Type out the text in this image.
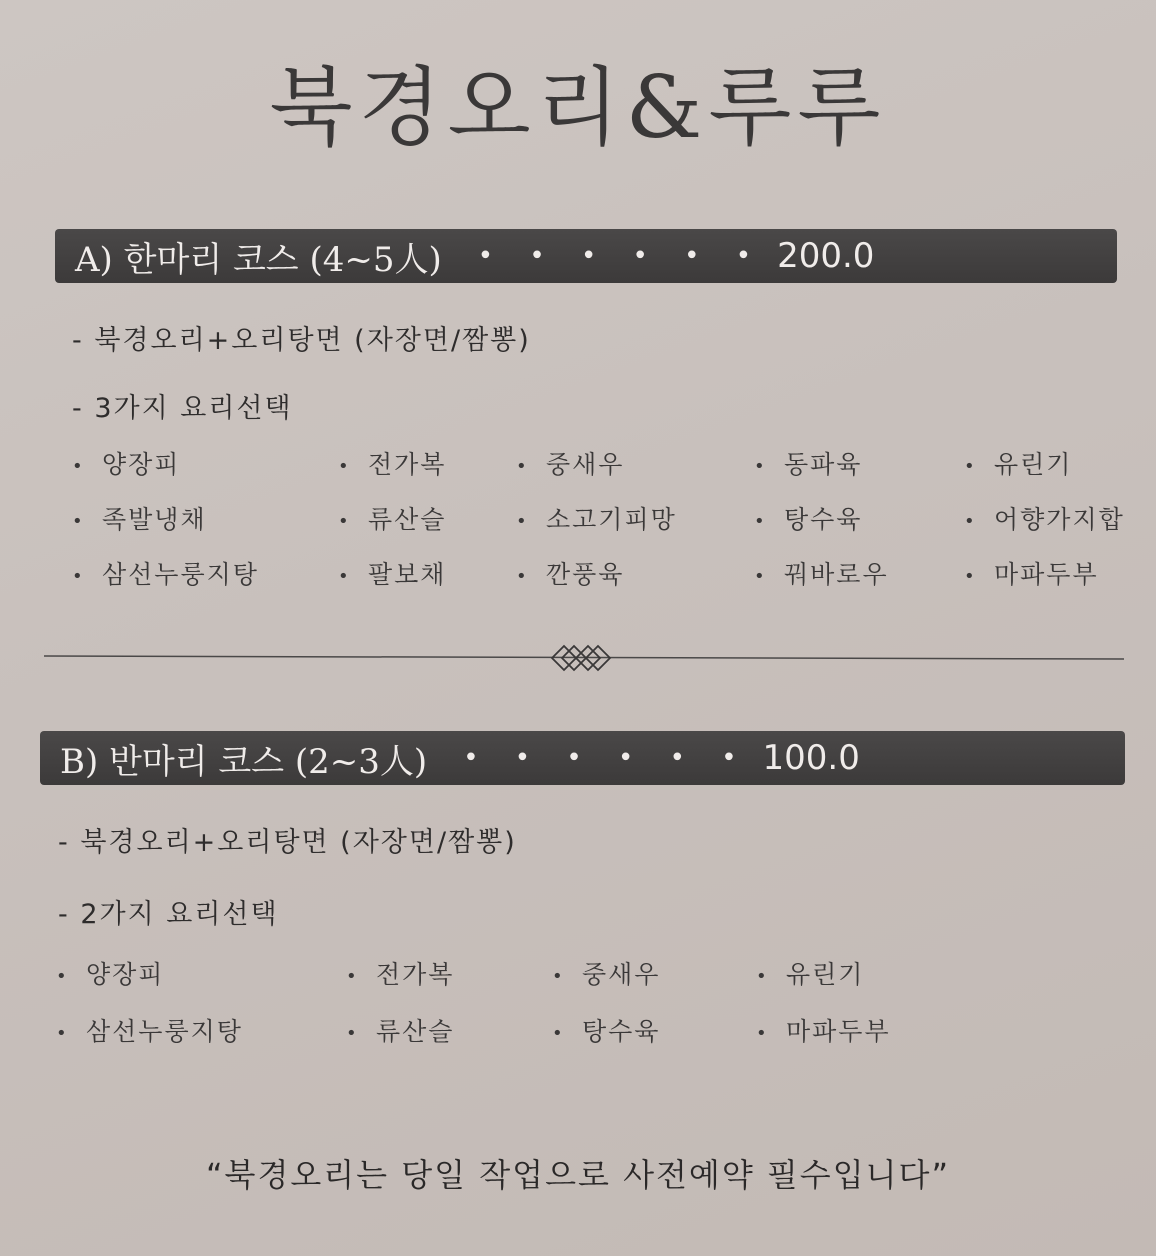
북경오리&루루
A) 한마리 코스 (4~5人) • • • • • • 200.0
- 북경오리+오리탕면 (자장면/짬뽕)
- 3가지 요리선택
• 양장피	• 전가복	• 중새우	• 동파육	• 유린기
• 족발냉채	• 류산슬	• 소고기피망	• 탕수육	• 어향가지합
• 삼선누룽지탕	• 팔보채	• 깐풍육	• 꿔바로우	• 마파두부
B) 반마리 코스 (2~3人) • • • • • • 100.0
- 북경오리+오리탕면 (자장면/짬뽕)
- 2가지 요리선택
• 양장피	• 전가복	• 중새우	• 유린기
• 삼선누룽지탕	• 류산슬	• 탕수육	• 마파두부
“북경오리는 당일 작업으로 사전예약 필수입니다”
